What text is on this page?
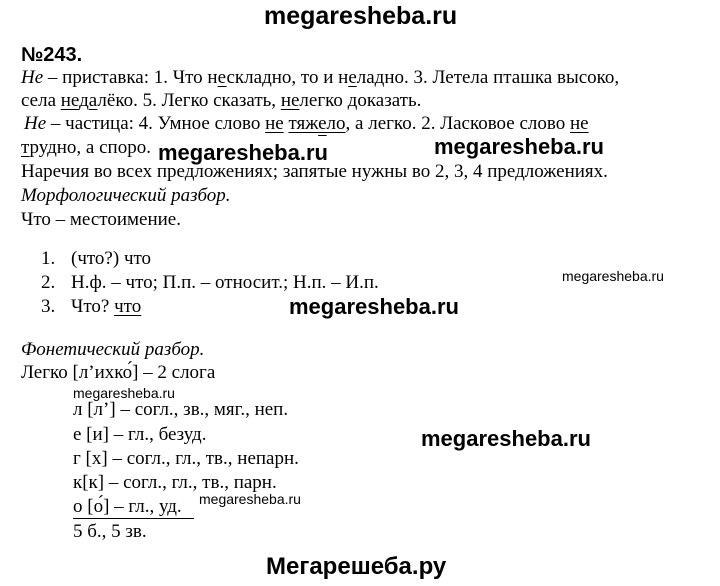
megaresheba.ru
№243.
Не – приставка: 1. Что нескладно, то и неладно. 3. Летела пташка высоко,
села недалёко. 5. Легко сказать, нелегко доказать.
Не – частица: 4. Умное слово не тяжело, а легко. 2. Ласковое слово не
трудно, а споро.
Наречия во всех предложениях; запятые нужны во 2, 3, 4 предложениях.
Морфологический разбор.
Что – местоимение.
1. (что?) что
2. Н.ф. – что; П.п. – относит.; Н.п. – И.п.
3. Что? что
Фонетический разбор.
Легко [л’ихко́] – 2 слога
л [л’] – согл., зв., мяг., неп.
е [и] – гл., безуд.
г [х] – согл., гл., тв., непарн.
к[к] – согл., гл., тв., парн.
о [о́] – гл., уд.
5 б., 5 зв.
megaresheba.ru	megaresheba.ru
megaresheba.ru
megaresheba.ru
megaresheba.ru
megaresheba.ru
megaresheba.ru
Мегарешеба.ру
